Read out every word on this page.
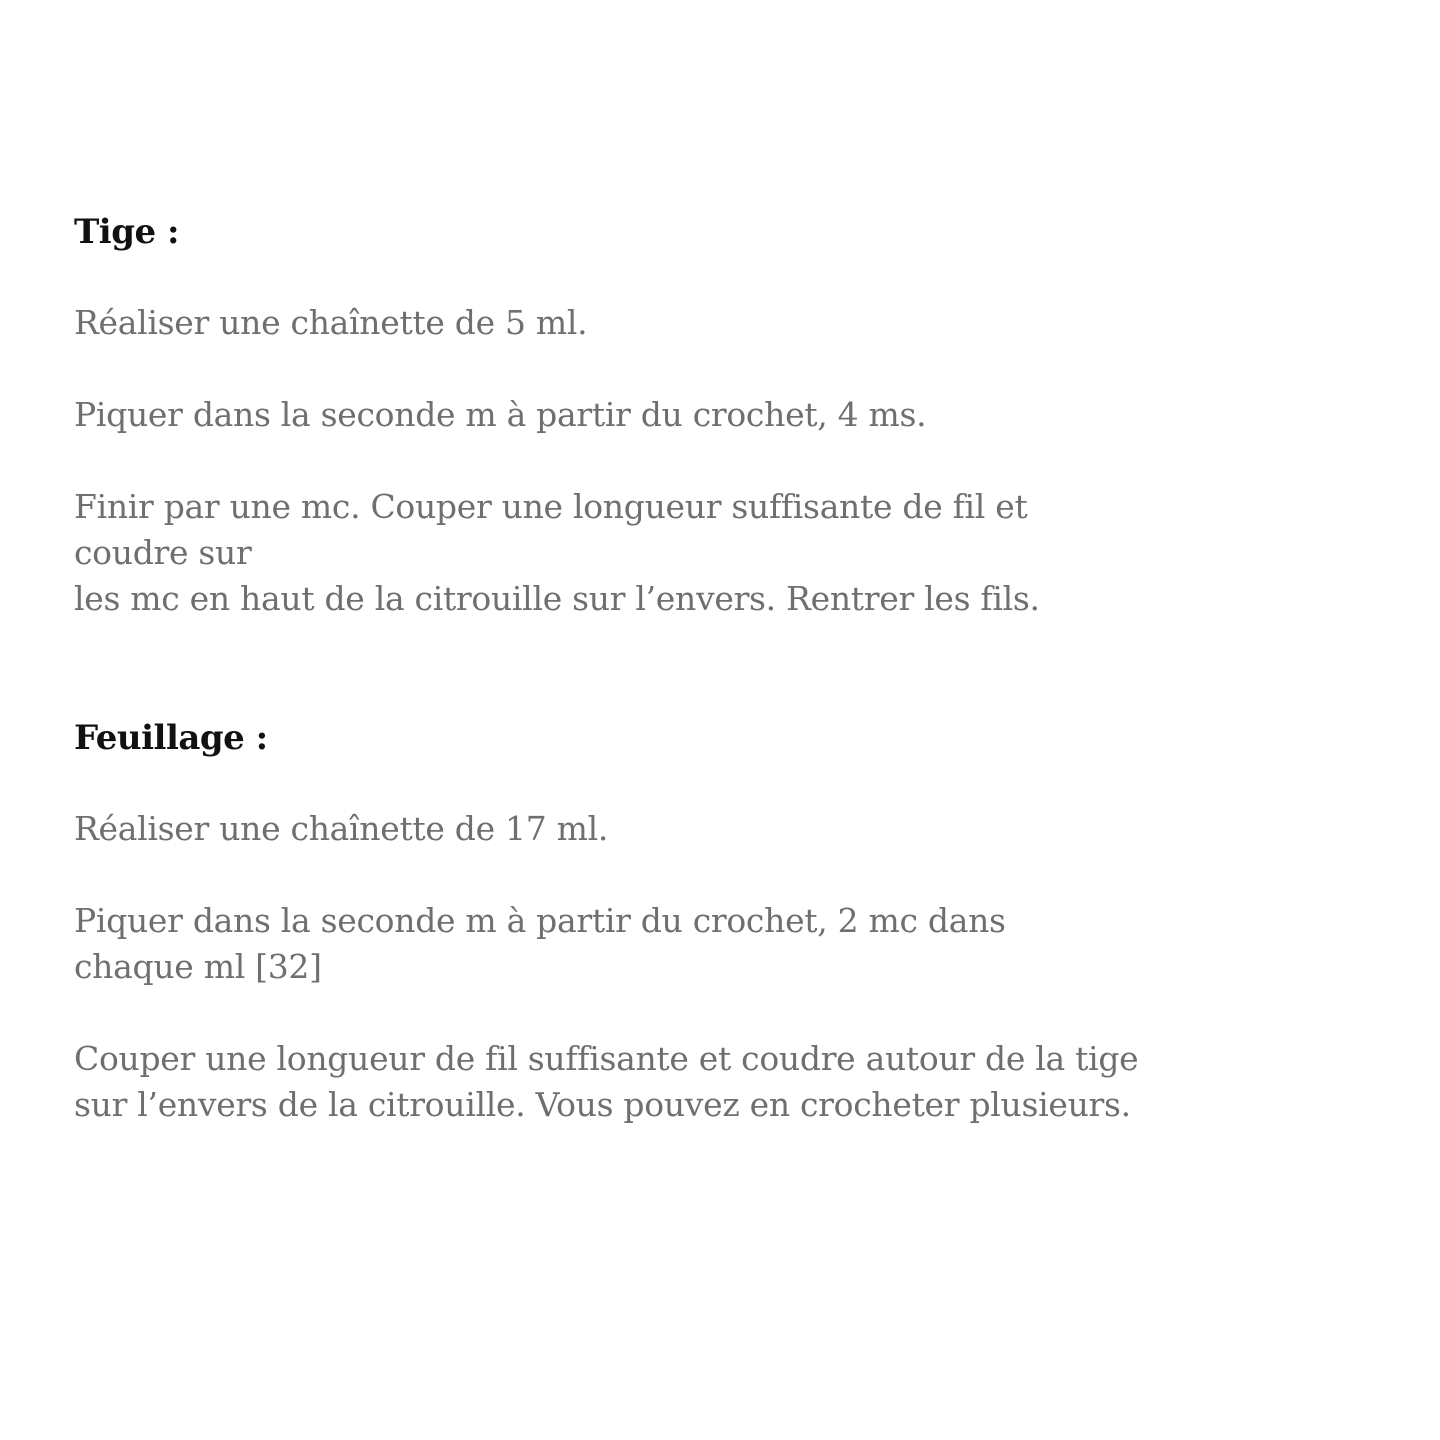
Tige :
Réaliser une chaînette de 5 ml.
Piquer dans la seconde m à partir du crochet, 4 ms.
Finir par une mc. Couper une longueur suffisante de fil et
coudre sur
les mc en haut de la citrouille sur l’envers. Rentrer les fils.
Feuillage :
Réaliser une chaînette de 17 ml.
Piquer dans la seconde m à partir du crochet, 2 mc dans
chaque ml [32]
Couper une longueur de fil suffisante et coudre autour de la tige
sur l’envers de la citrouille. Vous pouvez en crocheter plusieurs.
